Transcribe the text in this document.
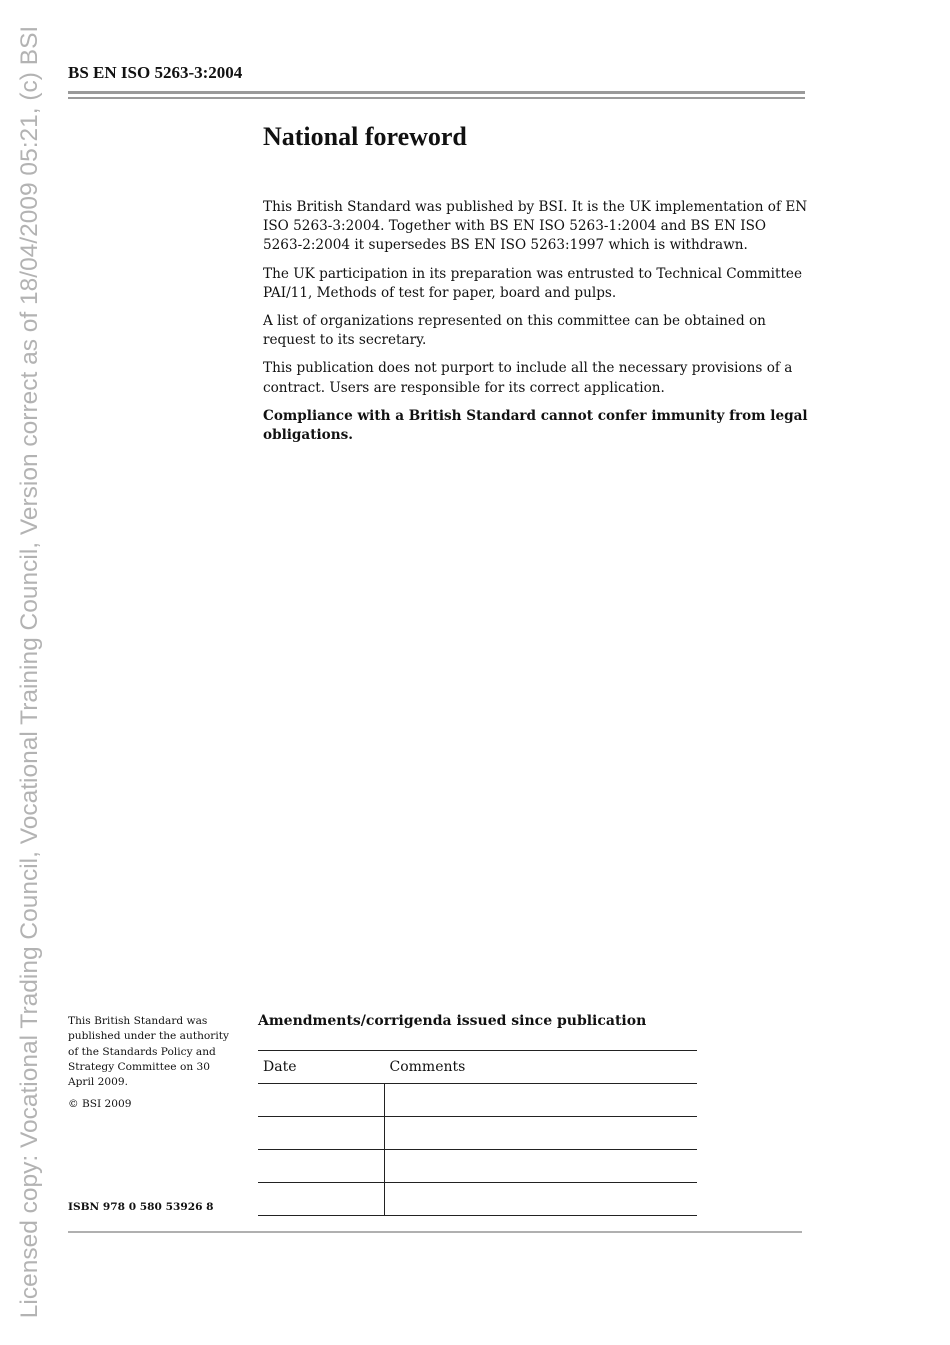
Licensed copy: Vocational Trading Council, Vocational Training Council, Version correct as of 18/04/2009 05:21, (c) BSI BS EN ISO 5263-3:2004
National foreword

This British Standard was published by BSI. It is the UK implementation of EN ISO 5263-3:2004. Together with BS EN ISO 5263-1:2004 and BS EN ISO 5263-2:2004 it supersedes BS EN ISO 5263:1997 which is withdrawn.

The UK participation in its preparation was entrusted to Technical Committee PAI/11, Methods of test for paper, board and pulps.

A list of organizations represented on this committee can be obtained on request to its secretary.

This publication does not purport to include all the necessary provisions of a contract. Users are responsible for its correct application.

Compliance with a British Standard cannot confer immunity from legal obligations.

This British Standard was published under the authority of the Standards Policy and Strategy Committee on 30 April 2009.

© BSI 2009

ISBN 978 0 580 53926 8
Amendments/corrigenda issued since publication
Date	Comments
